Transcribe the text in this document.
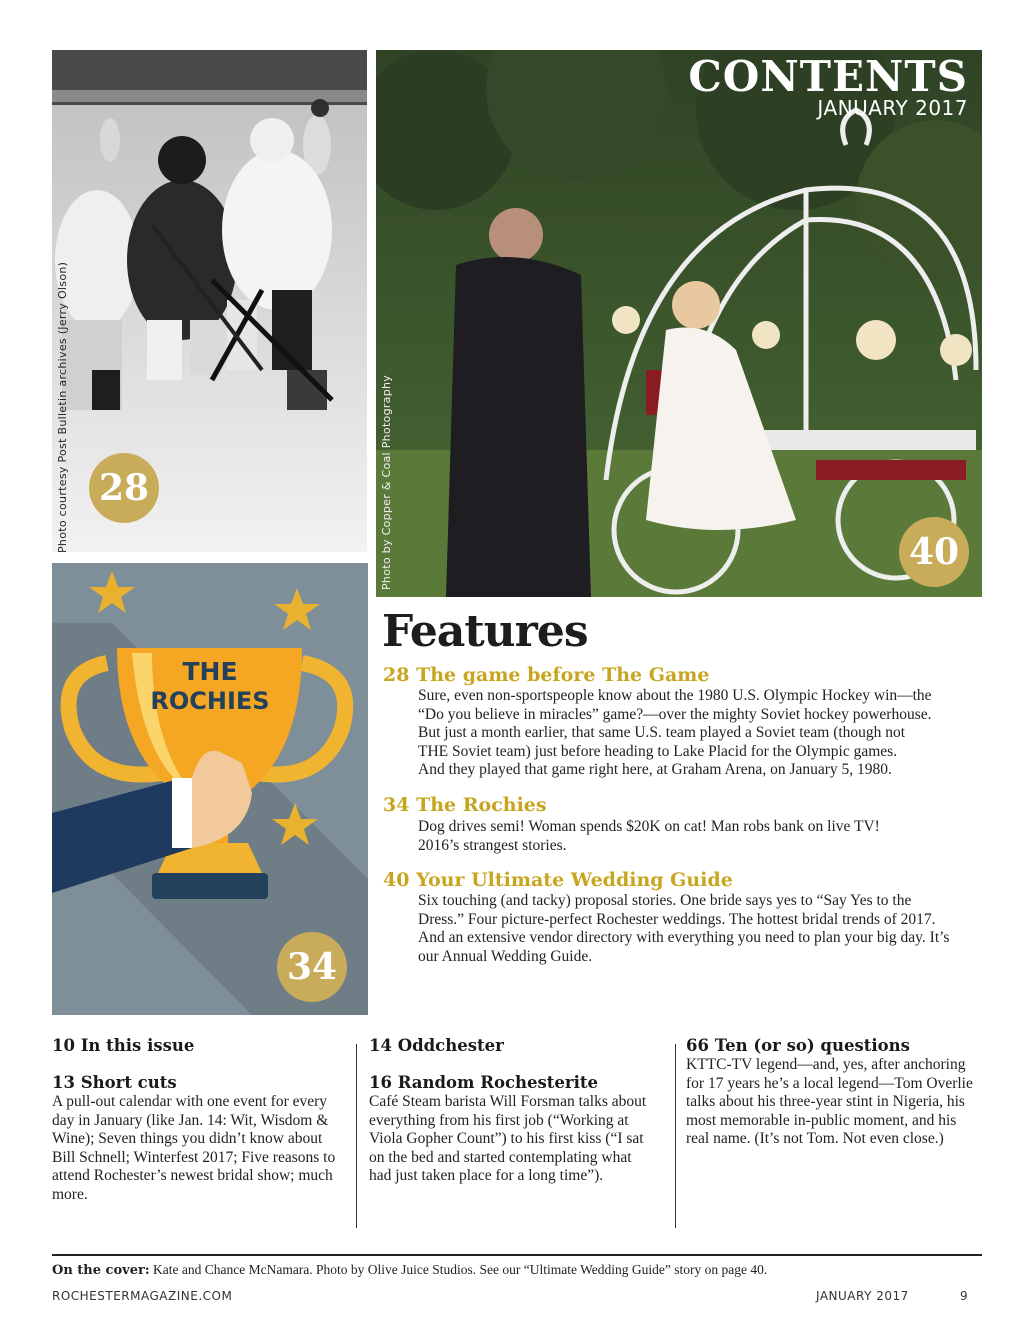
28
Photo courtesy Post Bulletin archives (Jerry Olson)
CONTENTS
JANUARY 2017
40
Photo by Copper & Coal Photography
THE
ROCHIES
34
Features
28 The game before The Game
Sure, even non-sportspeople know about the 1980 U.S. Olympic Hockey win—the
“Do you believe in miracles” game?—over the mighty Soviet hockey powerhouse.
But just a month earlier, that same U.S. team played a Soviet team (though not
THE Soviet team) just before heading to Lake Placid for the Olympic games.
And they played that game right here, at Graham Arena, on January 5, 1980.
34 The Rochies
Dog drives semi! Woman spends $20K on cat! Man robs bank on live TV!
2016’s strangest stories.
40 Your Ultimate Wedding Guide
Six touching (and tacky) proposal stories. One bride says yes to “Say Yes to the
Dress.” Four picture-perfect Rochester weddings. The hottest bridal trends of 2017.
And an extensive vendor directory with everything you need to plan your big day. It’s
our Annual Wedding Guide.

10 In this issue

13 Short cuts

A pull-out calendar with one event for every

day in January (like Jan. 14: Wit, Wisdom &

Wine); Seven things you didn’t know about

Bill Schnell; Winterfest 2017; Five reasons to

attend Rochester’s newest bridal show; much

more.

14 Oddchester

16 Random Rochesterite

Café Steam barista Will Forsman talks about

everything from his first job (“Working at

Viola Gopher Count”) to his first kiss (“I sat

on the bed and started contemplating what

had just taken place for a long time”).

66 Ten (or so) questions

KTTC-TV legend—and, yes, after anchoring

for 17 years he’s a local legend—Tom Overlie

talks about his three-year stint in Nigeria, his

most memorable in-public moment, and his

real name. (It’s not Tom. Not even close.)

On the cover: Kate and Chance McNamara. Photo by Olive Juice Studios. See our “Ultimate Wedding Guide” story on page 40.
ROCHESTERMAGAZINE.COM	JANUARY 2017	9
